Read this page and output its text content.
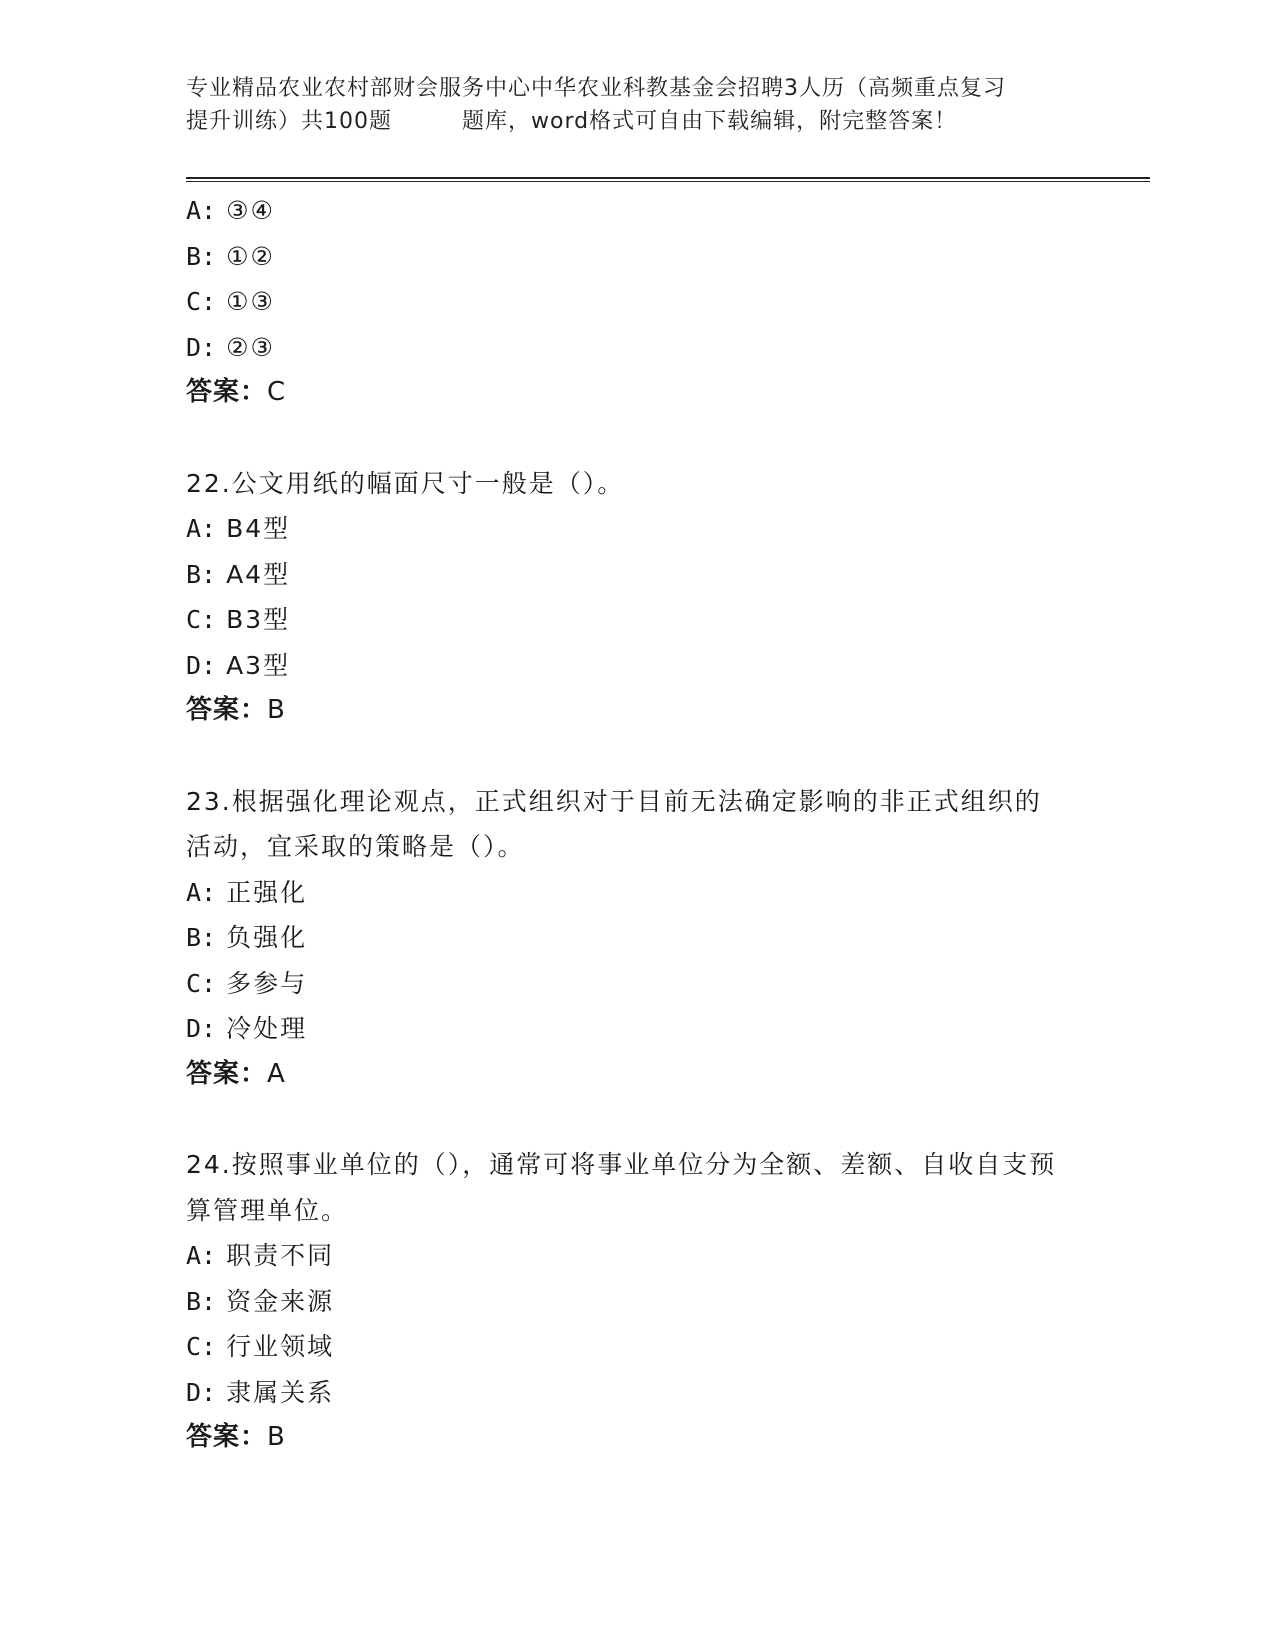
专业精品农业农村部财会服务中心中华农业科教基金会招聘3人历（高频重点复习
提升训练）共100题	题库，word格式可自由下载编辑，附完整答案！
A: ③④
B: ①②
C: ①③
D: ②③
答案：C
22.公文用纸的幅面尺寸一般是（）。
A: B4型
B: A4型
C: B3型
D: A3型
答案：B
23.根据强化理论观点，正式组织对于目前无法确定影响的非正式组织的活动，宜采取的策略是（）。
A: 正强化
B: 负强化
C: 多参与
D: 冷处理
答案：A
24.按照事业单位的（），通常可将事业单位分为全额、差额、自收自支预算管理单位。
A: 职责不同
B: 资金来源
C: 行业领域
D: 隶属关系
答案：B
